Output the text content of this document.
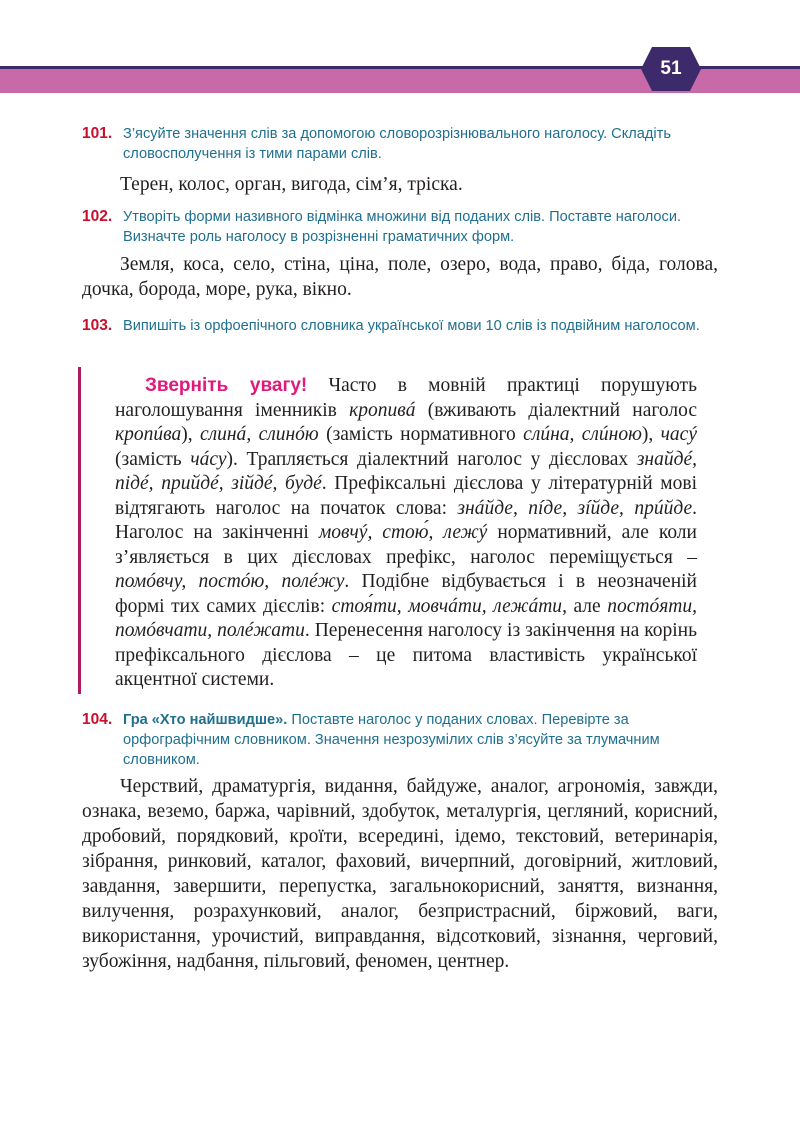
51
101. З’ясуйте значення слів за допомогою словорозрізнювального наголосу. Складіть словосполучення із тими парами слів.
Терен, колос, орган, вигода, сім’я, тріска.
102. Утворіть форми називного відмінка множини від поданих слів. Поставте наголоси. Визначте роль наголосу в розрізненні граматичних форм.
Земля, коса, село, стіна, ціна, поле, озеро, вода, право, біда, голова, дочка, борода, море, рука, вікно.
103. Випишіть із орфоепічного словника української мови 10 слів із подвійним наголосом.
Зверніть увагу! Часто в мовній практиці порушують наголошування іменників кропивá (вживають діалектний наголос кропúва), слинá, слинóю (замість нормативного слúна, слúною), часý (замість чáсу). Трапляється діалектний наголос у дієсловах знайдé, підé, прийдé, зійдé, будé. Префіксальні дієслова у літературній мові відтягають наголос на початок слова: знáйде, пíде, зíйде, прúйде. Наголос на закінченні мовчý, стою́, лежý нормативний, але коли з’являється в цих дієсловах префікс, наголос переміщується – помóвчу, постóю, полéжу. Подібне відбувається і в неозначеній формі тих самих дієслів: стоя́ти, мовчáти, лежáти, але постóяти, помóвчати, полéжати. Перенесення наголосу із закінчення на корінь префіксального дієслова – це питома властивість української акцентної системи.
104. Гра «Хто найшвидше». Поставте наголос у поданих словах. Перевірте за орфографічним словником. Значення незрозумілих слів з’ясуйте за тлумачним словником.
Черствий, драматургія, видання, байдуже, аналог, агрономія, завжди, ознака, веземо, баржа, чарівний, здобуток, металургія, цегляний, корисний, дробовий, порядковий, кроїти, всередині, ідемо, текстовий, ветеринарія, зібрання, ринковий, каталог, фаховий, вичерпний, договірний, житловий, завдання, завершити, перепустка, загальнокорисний, заняття, визнання, вилучення, розрахунковий, аналог, безпристрасний, біржовий, ваги, використання, урочистий, виправдання, відсотковий, зізнання, черговий, зубожіння, надбання, пільговий, феномен, центнер.
